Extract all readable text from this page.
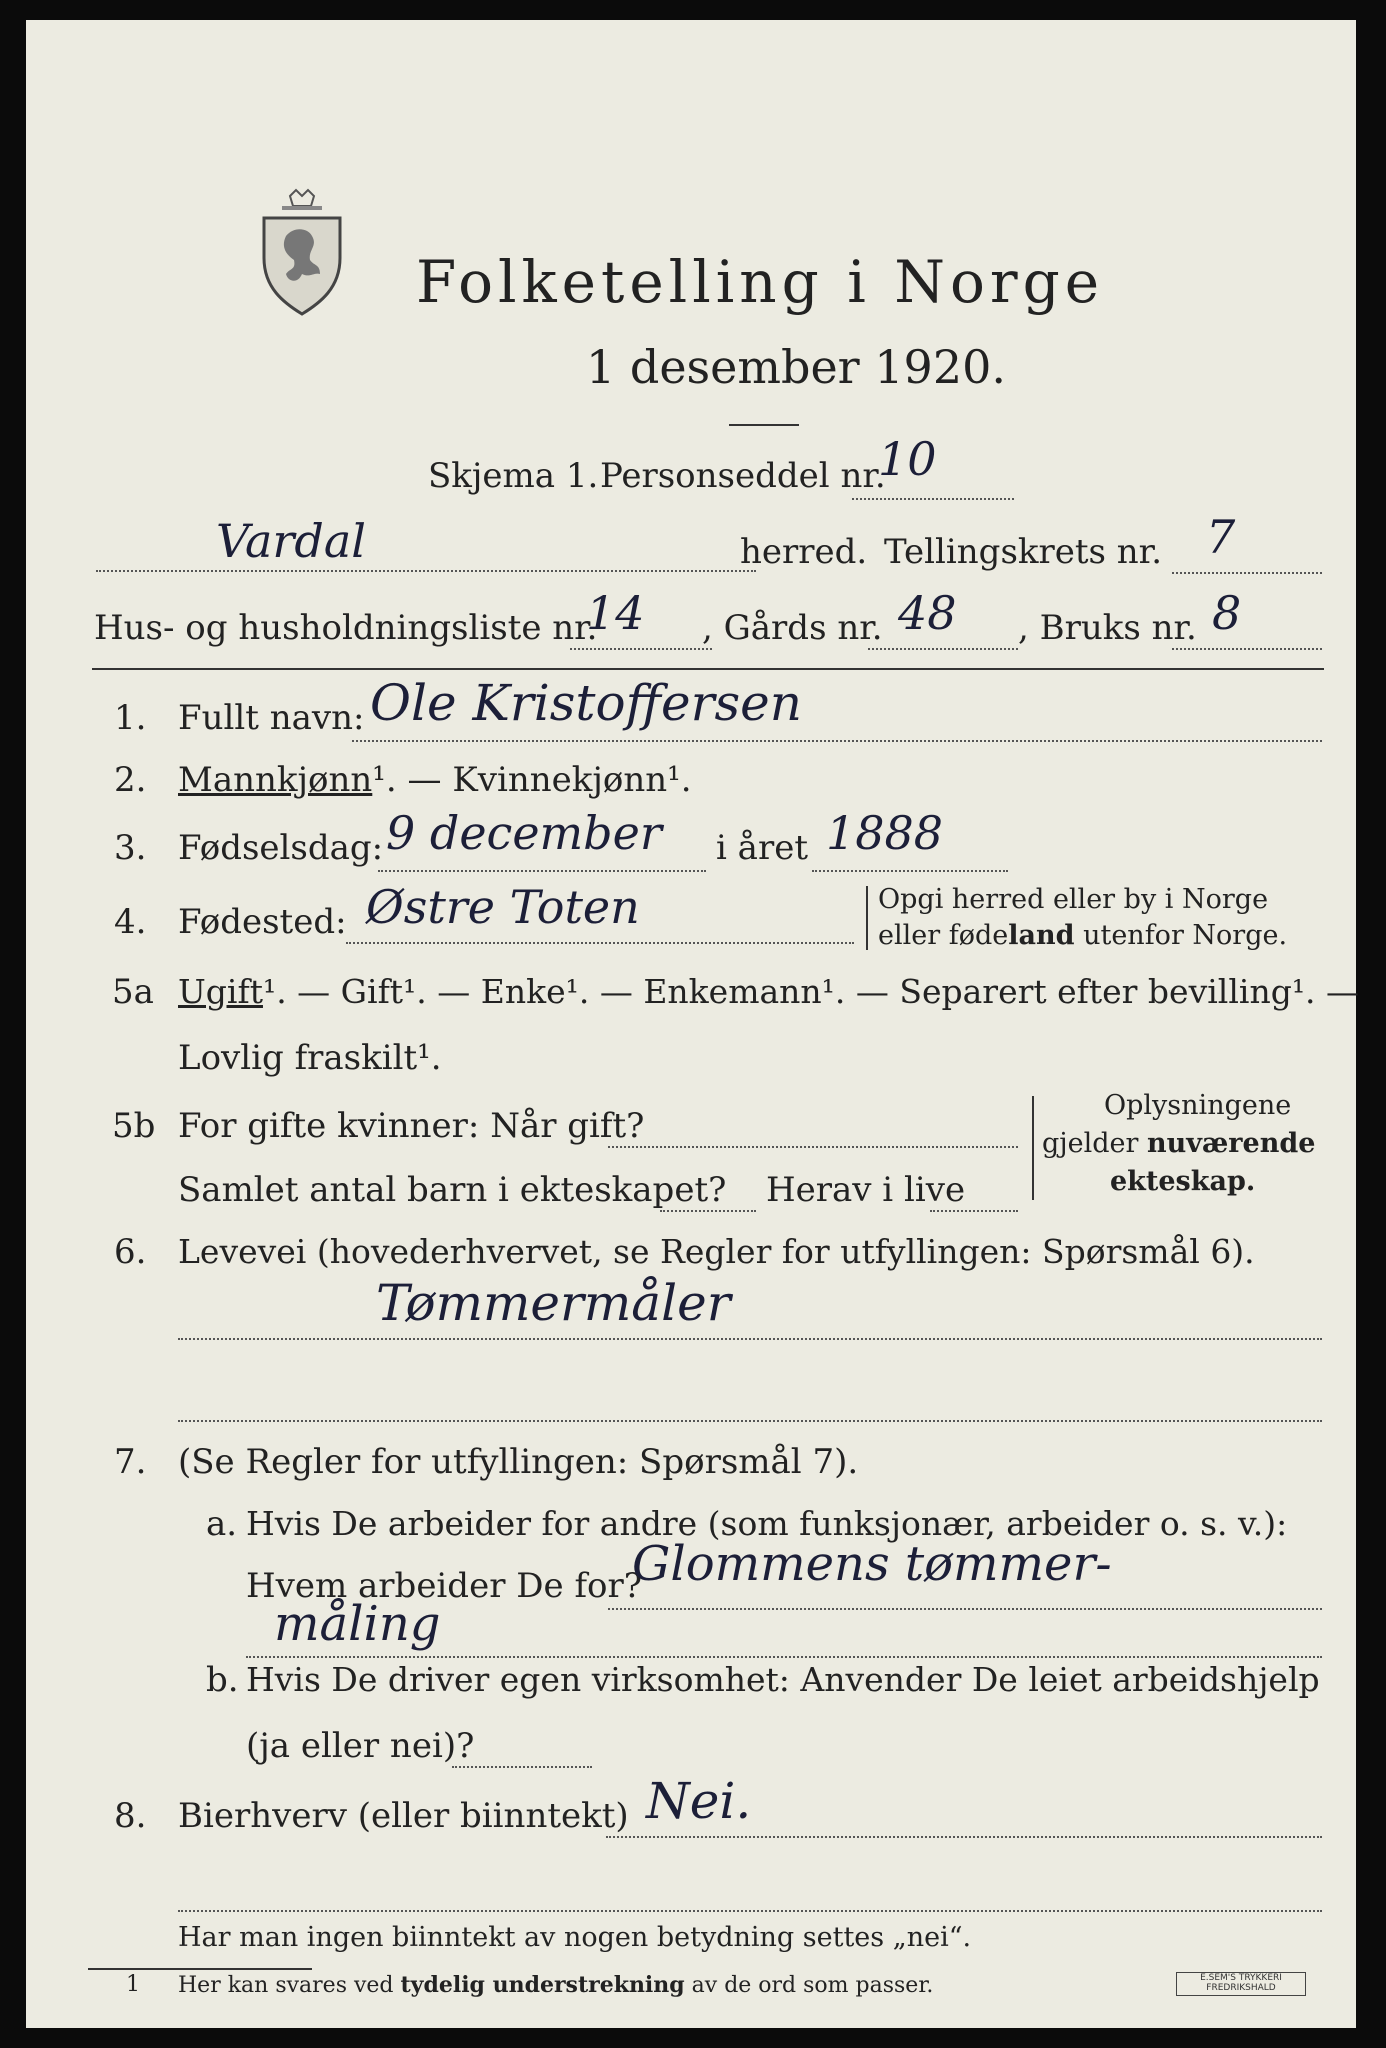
Folketelling i Norge
1 desember 1920.
Skjema 1. Personseddel nr.
10
Vardal	herred. Tellingskrets nr. 7
Hus- og husholdningsliste nr.
14 , Gårds nr. 48 , Bruks nr. 8
1. Fullt navn: Ole Kristoffersen
2. Mannkjønn¹. — Kvinnekjønn¹.
3. Fødselsdag: 9 december i året 1888
4. Fødested: Østre Toten	Opgi herred eller by i Norge
eller fødeland utenfor Norge.
5a Ugift¹. — Gift¹. — Enke¹. — Enkemann¹. — Separert efter bevilling¹. —
Lovlig fraskilt¹.
5b For gifte kvinner: Når gift?
Samlet antal barn i ekteskapet? Herav i live
Oplysningene
gjelder nuværende
ekteskap.
6. Levevei (hovederhvervet, se Regler for utfyllingen: Spørsmål 6).
Tømmermåler
7. (Se Regler for utfyllingen: Spørsmål 7).
a. Hvis De arbeider for andre (som funksjonær, arbeider o. s. v.):
Hvem arbeider De for?
Glommens tømmer-
måling
b. Hvis De driver egen virksomhet: Anvender De leiet arbeidshjelp
(ja eller nei)?
8. Bierhverv (eller biinntekt) Nei.
Har man ingen biinntekt av nogen betydning settes „nei“.
1 Her kan svares ved tydelig understrekning av de ord som passer.	E.SEM'S TRYKKERI
FREDRIKSHALD
